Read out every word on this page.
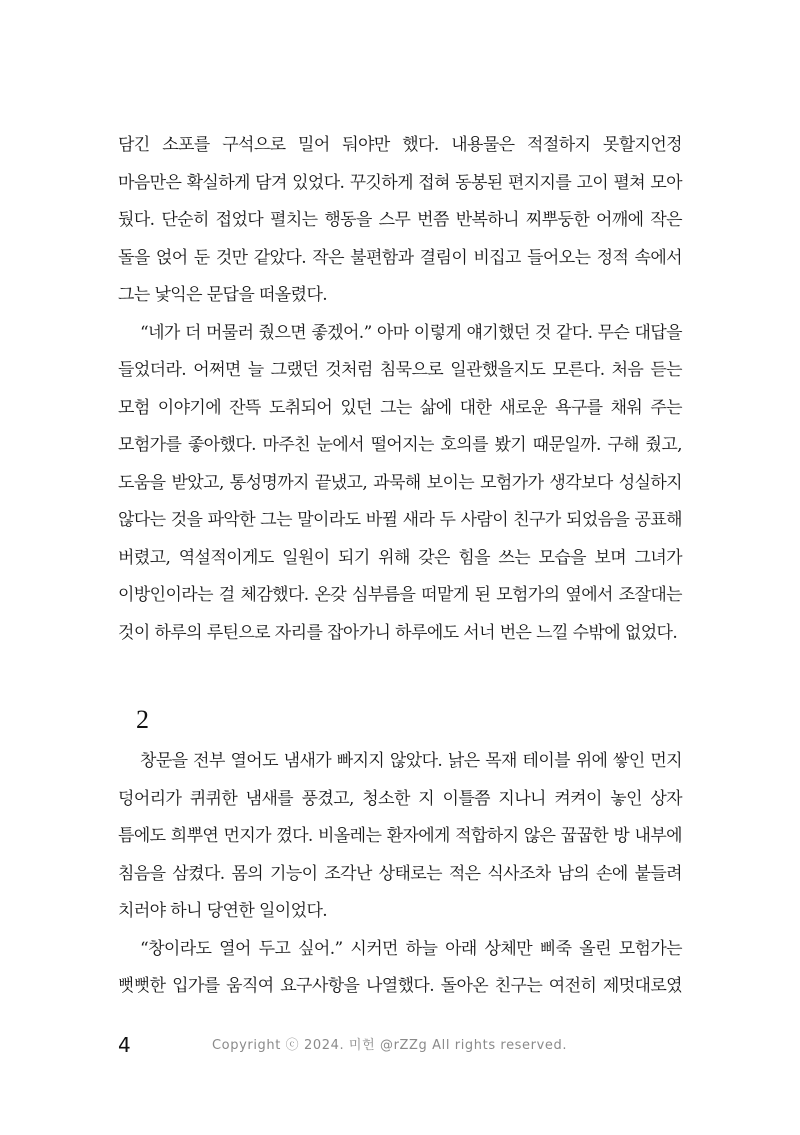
담긴 소포를 구석으로 밀어 둬야만 했다. 내용물은 적절하지 못할지언정 마음만은 확실하게 담겨 있었다. 꾸깃하게 접혀 동봉된 편지지를 고이 펼쳐 모아 뒀다. 단순히 접었다 펼치는 행동을 스무 번쯤 반복하니 찌뿌둥한 어깨에 작은 돌을 얹어 둔 것만 같았다. 작은 불편함과 결림이 비집고 들어오는 정적 속에서 그는 낯익은 문답을 떠올렸다.

“네가 더 머물러 줬으면 좋겠어.” 아마 이렇게 얘기했던 것 같다. 무슨 대답을 들었더라. 어쩌면 늘 그랬던 것처럼 침묵으로 일관했을지도 모른다. 처음 듣는 모험 이야기에 잔뜩 도취되어 있던 그는 삶에 대한 새로운 욕구를 채워 주는 모험가를 좋아했다. 마주친 눈에서 떨어지는 호의를 봤기 때문일까. 구해 줬고, 도움을 받았고, 통성명까지 끝냈고, 과묵해 보이는 모험가가 생각보다 성실하지 않다는 것을 파악한 그는 말이라도 바뀔 새라 두 사람이 친구가 되었음을 공표해 버렸고, 역설적이게도 일원이 되기 위해 갖은 힘을 쓰는 모습을 보며 그녀가 이방인이라는 걸 체감했다. 온갖 심부름을 떠맡게 된 모험가의 옆에서 조잘대는 것이 하루의 루틴으로 자리를 잡아가니 하루에도 서너 번은 느낄 수밖에 없었다.

2

창문을 전부 열어도 냄새가 빠지지 않았다. 낡은 목재 테이블 위에 쌓인 먼지 덩어리가 퀴퀴한 냄새를 풍겼고, 청소한 지 이틀쯤 지나니 켜켜이 놓인 상자 틈에도 희뿌연 먼지가 꼈다. 비올레는 환자에게 적합하지 않은 꿉꿉한 방 내부에 침음을 삼켰다. 몸의 기능이 조각난 상태로는 적은 식사조차 남의 손에 붙들려 치러야 하니 당연한 일이었다.

“창이라도 열어 두고 싶어.” 시커먼 하늘 아래 상체만 삐죽 올린 모험가는 뻣뻣한 입가를 움직여 요구사항을 나열했다. 돌아온 친구는 여전히 제멋대로였

4	Copyright ⓒ 2024. 미헌 @rZZg All rights reserved.
